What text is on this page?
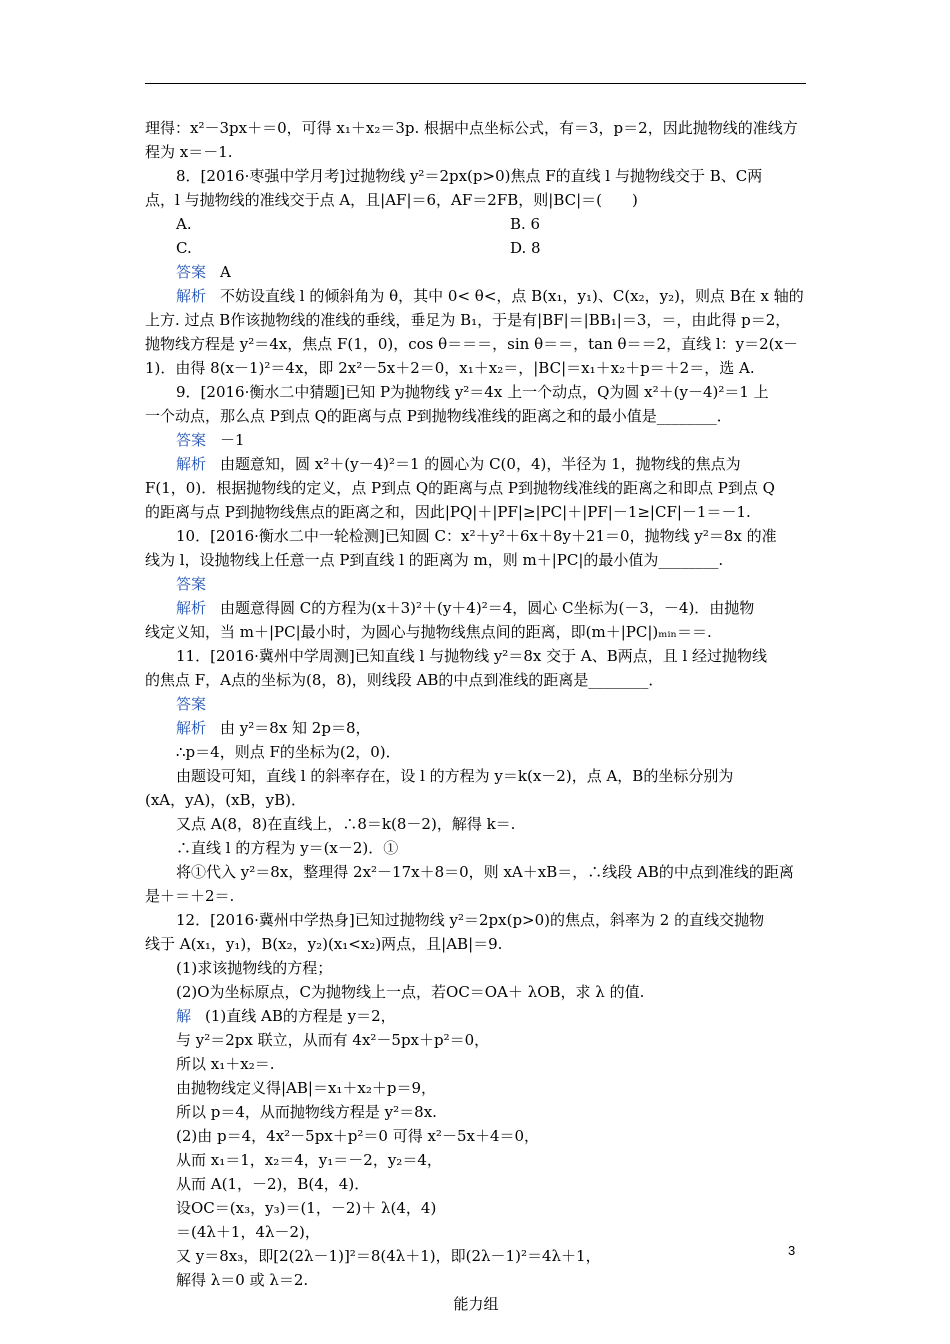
理得：x²－3px＋＝0，可得 x₁＋x₂＝3p. 根据中点坐标公式，有＝3，p＝2，因此抛物线的准线方
程为 x＝－1.
8．[2016·枣强中学月考]过抛物线 y²＝2px(p>0)焦点 F的直线 l 与抛物线交于 B、C两
点，l 与抛物线的准线交于点 A，且|AF|＝6，AF＝2FB，则|BC|＝(　　)
A.	B. 6
C.	D. 8
答案 A
解析 不妨设直线 l 的倾斜角为 θ，其中 0< θ<，点 B(x₁，y₁)、C(x₂，y₂)，则点 B在 x 轴的
上方. 过点 B作该抛物线的准线的垂线，垂足为 B₁，于是有|BF|＝|BB₁|＝3，＝，由此得 p＝2，
抛物线方程是 y²＝4x，焦点 F(1，0)，cos θ＝＝＝，sin θ＝＝，tan θ＝＝2，直线 l：y＝2(x－
1)．由得 8(x－1)²＝4x，即 2x²－5x＋2＝0，x₁＋x₂＝，|BC|＝x₁＋x₂＋p＝＋2＝，选 A.
9．[2016·衡水二中猜题]已知 P为抛物线 y²＝4x 上一个动点，Q为圆 x²＋(y－4)²＝1 上
一个动点，那么点 P到点 Q的距离与点 P到抛物线准线的距离之和的最小值是________．
答案 －1
解析 由题意知，圆 x²＋(y－4)²＝1 的圆心为 C(0，4)，半径为 1，抛物线的焦点为
F(1，0)．根据抛物线的定义，点 P到点 Q的距离与点 P到抛物线准线的距离之和即点 P到点 Q
的距离与点 P到抛物线焦点的距离之和，因此|PQ|＋|PF|≥|PC|＋|PF|－1≥|CF|－1＝－1.
10．[2016·衡水二中一轮检测]已知圆 C：x²＋y²＋6x＋8y＋21＝0，抛物线 y²＝8x 的准
线为 l，设抛物线上任意一点 P到直线 l 的距离为 m，则 m＋|PC|的最小值为________.
答案
解析 由题意得圆 C的方程为(x＋3)²＋(y＋4)²＝4，圆心 C坐标为(－3，－4)．由抛物
线定义知，当 m＋|PC|最小时，为圆心与抛物线焦点间的距离，即(m＋|PC|)ₘᵢₙ＝＝.
11．[2016·冀州中学周测]已知直线 l 与抛物线 y²＝8x 交于 A、B两点，且 l 经过抛物线
的焦点 F，A点的坐标为(8，8)，则线段 AB的中点到准线的距离是________．
答案
解析 由 y²＝8x 知 2p＝8，
∴p＝4，则点 F的坐标为(2，0)．
由题设可知，直线 l 的斜率存在，设 l 的方程为 y＝k(x－2)，点 A，B的坐标分别为
(xA，yA)，(xB，yB)．
又点 A(8，8)在直线上，∴8＝k(8－2)，解得 k＝.
∴直线 l 的方程为 y＝(x－2)．①
将①代入 y²＝8x，整理得 2x²－17x＋8＝0，则 xA＋xB＝，∴线段 AB的中点到准线的距离
是＋＝＋2＝.
12．[2016·冀州中学热身]已知过抛物线 y²＝2px(p>0)的焦点，斜率为 2 的直线交抛物
线于 A(x₁，y₁)，B(x₂，y₂)(x₁<x₂)两点，且|AB|＝9.
(1)求该抛物线的方程；
(2)O为坐标原点，C为抛物线上一点，若OC＝OA＋ λOB，求 λ 的值.
解 (1)直线 AB的方程是 y＝2，
与 y²＝2px 联立，从而有 4x²－5px＋p²＝0，
所以 x₁＋x₂＝.
由抛物线定义得|AB|＝x₁＋x₂＋p＝9，
所以 p＝4，从而抛物线方程是 y²＝8x.
(2)由 p＝4，4x²－5px＋p²＝0 可得 x²－5x＋4＝0，
从而 x₁＝1，x₂＝4，y₁＝－2，y₂＝4，
从而 A(1，－2)，B(4，4)．
设OC＝(x₃，y₃)＝(1，－2)＋ λ(4，4)
＝(4λ＋1，4λ－2)，
又 y＝8x₃，即[2(2λ－1)]²＝8(4λ＋1)，即(2λ－1)²＝4λ＋1，
解得 λ＝0 或 λ＝2.
能力组
3
